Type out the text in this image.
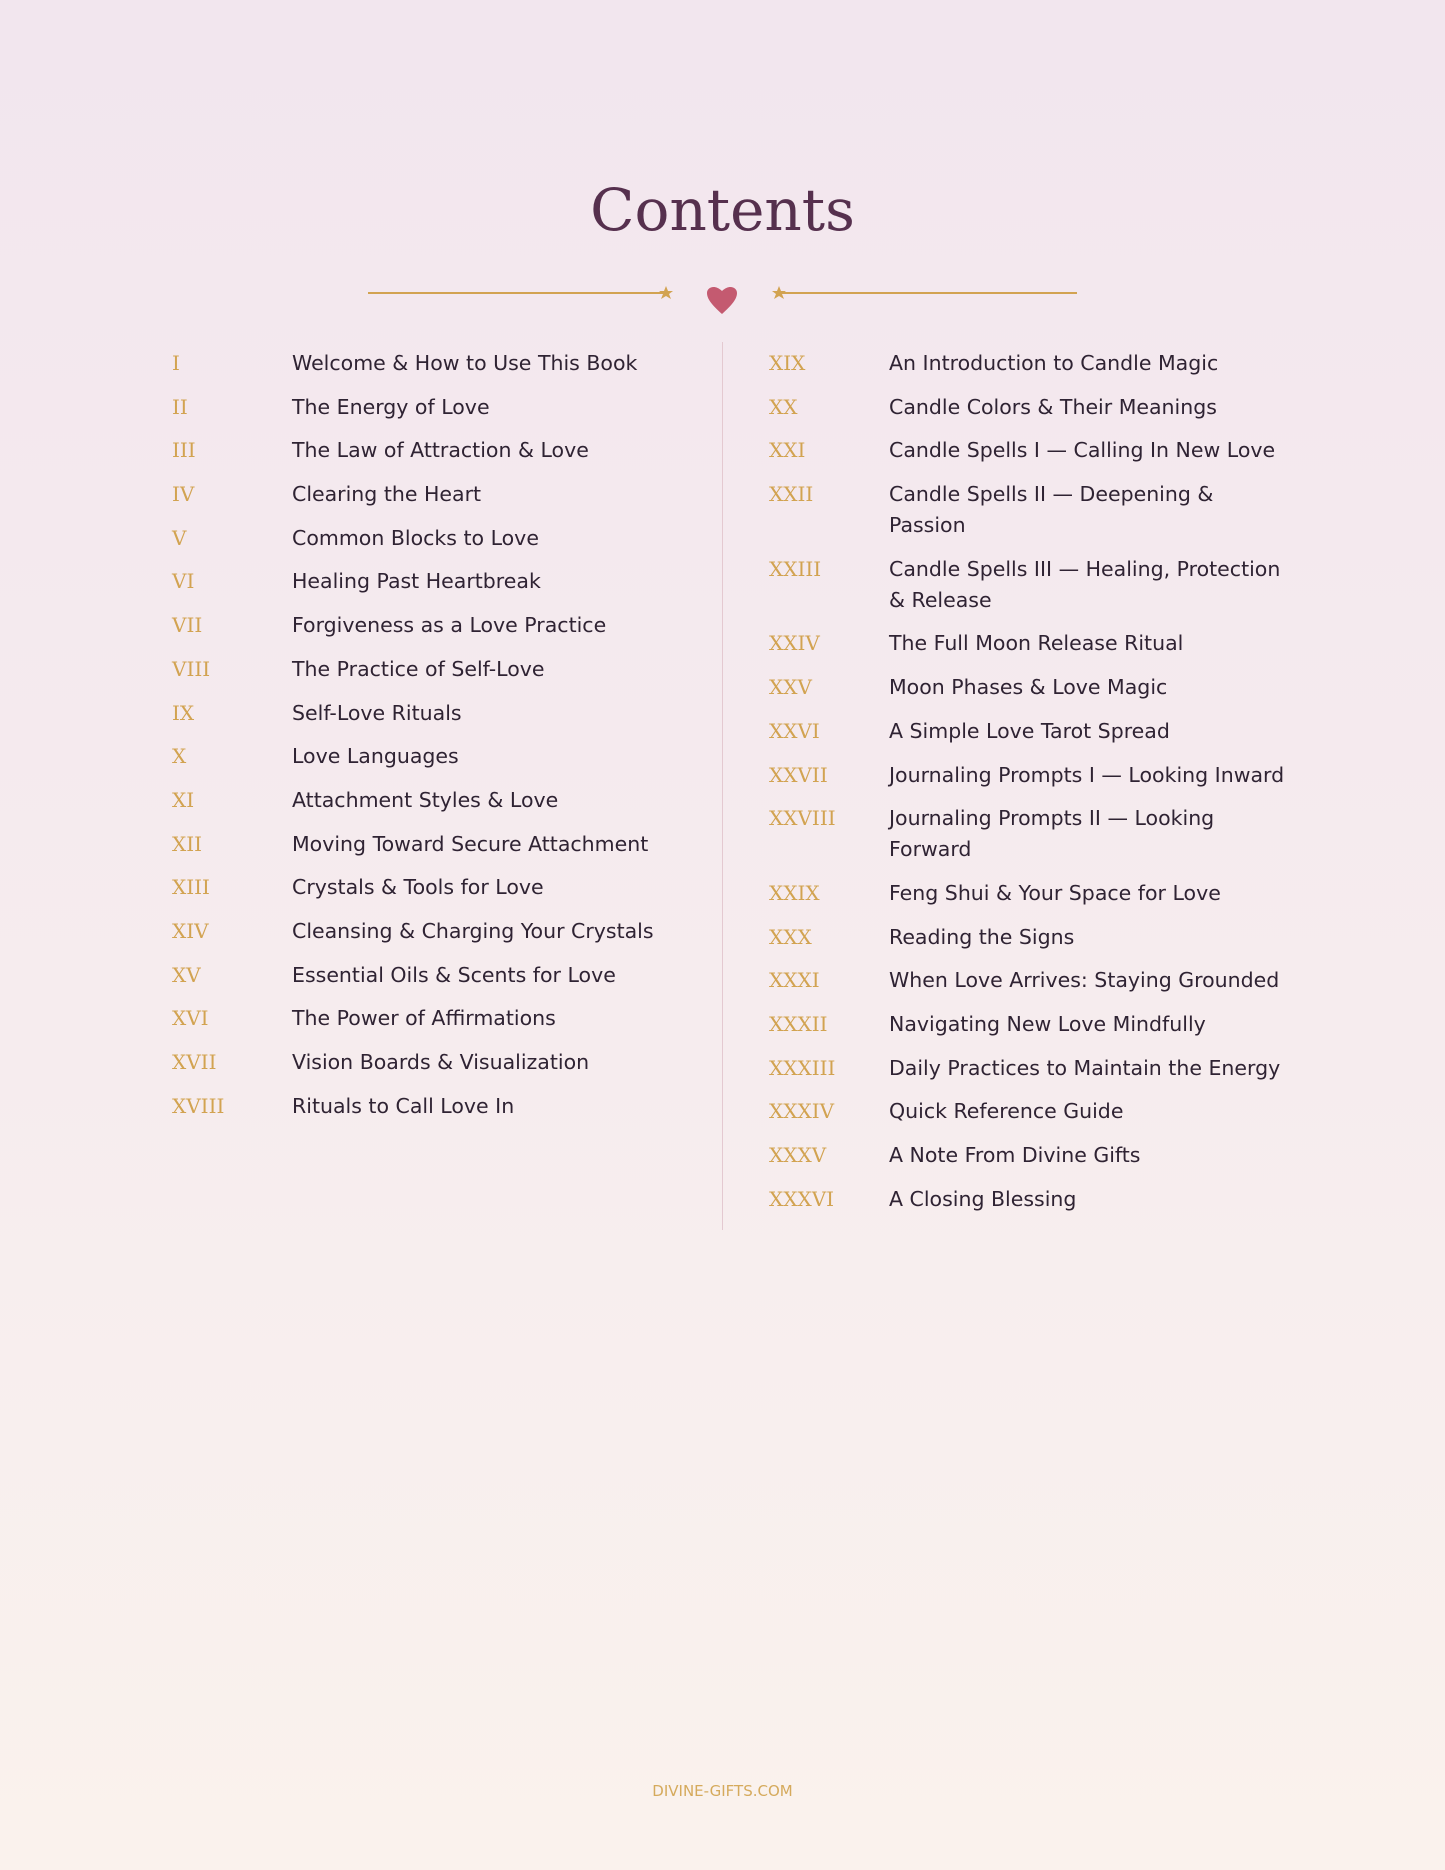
Contents
I	Welcome & How to Use This Book
II	The Energy of Love
III	The Law of Attraction & Love
IV	Clearing the Heart
V	Common Blocks to Love
VI	Healing Past Heartbreak
VII	Forgiveness as a Love Practice
VIII	The Practice of Self-Love
IX	Self-Love Rituals
X	Love Languages
XI	Attachment Styles & Love
XII	Moving Toward Secure Attachment
XIII	Crystals & Tools for Love
XIV	Cleansing & Charging Your Crystals
XV	Essential Oils & Scents for Love
XVI	The Power of Affirmations
XVII	Vision Boards & Visualization
XVIII	Rituals to Call Love In
XIX	An Introduction to Candle Magic
XX	Candle Colors & Their Meanings
XXI	Candle Spells I — Calling In New Love
XXII	Candle Spells II — Deepening & Passion
XXIII	Candle Spells III — Healing, Protection & Release
XXIV	The Full Moon Release Ritual
XXV	Moon Phases & Love Magic
XXVI	A Simple Love Tarot Spread
XXVII	Journaling Prompts I — Looking Inward
XXVIII	Journaling Prompts II — Looking Forward
XXIX	Feng Shui & Your Space for Love
XXX	Reading the Signs
XXXI	When Love Arrives: Staying Grounded
XXXII	Navigating New Love Mindfully
XXXIII	Daily Practices to Maintain the Energy
XXXIV	Quick Reference Guide
XXXV	A Note From Divine Gifts
XXXVI	A Closing Blessing
DIVINE-GIFTS.COM
